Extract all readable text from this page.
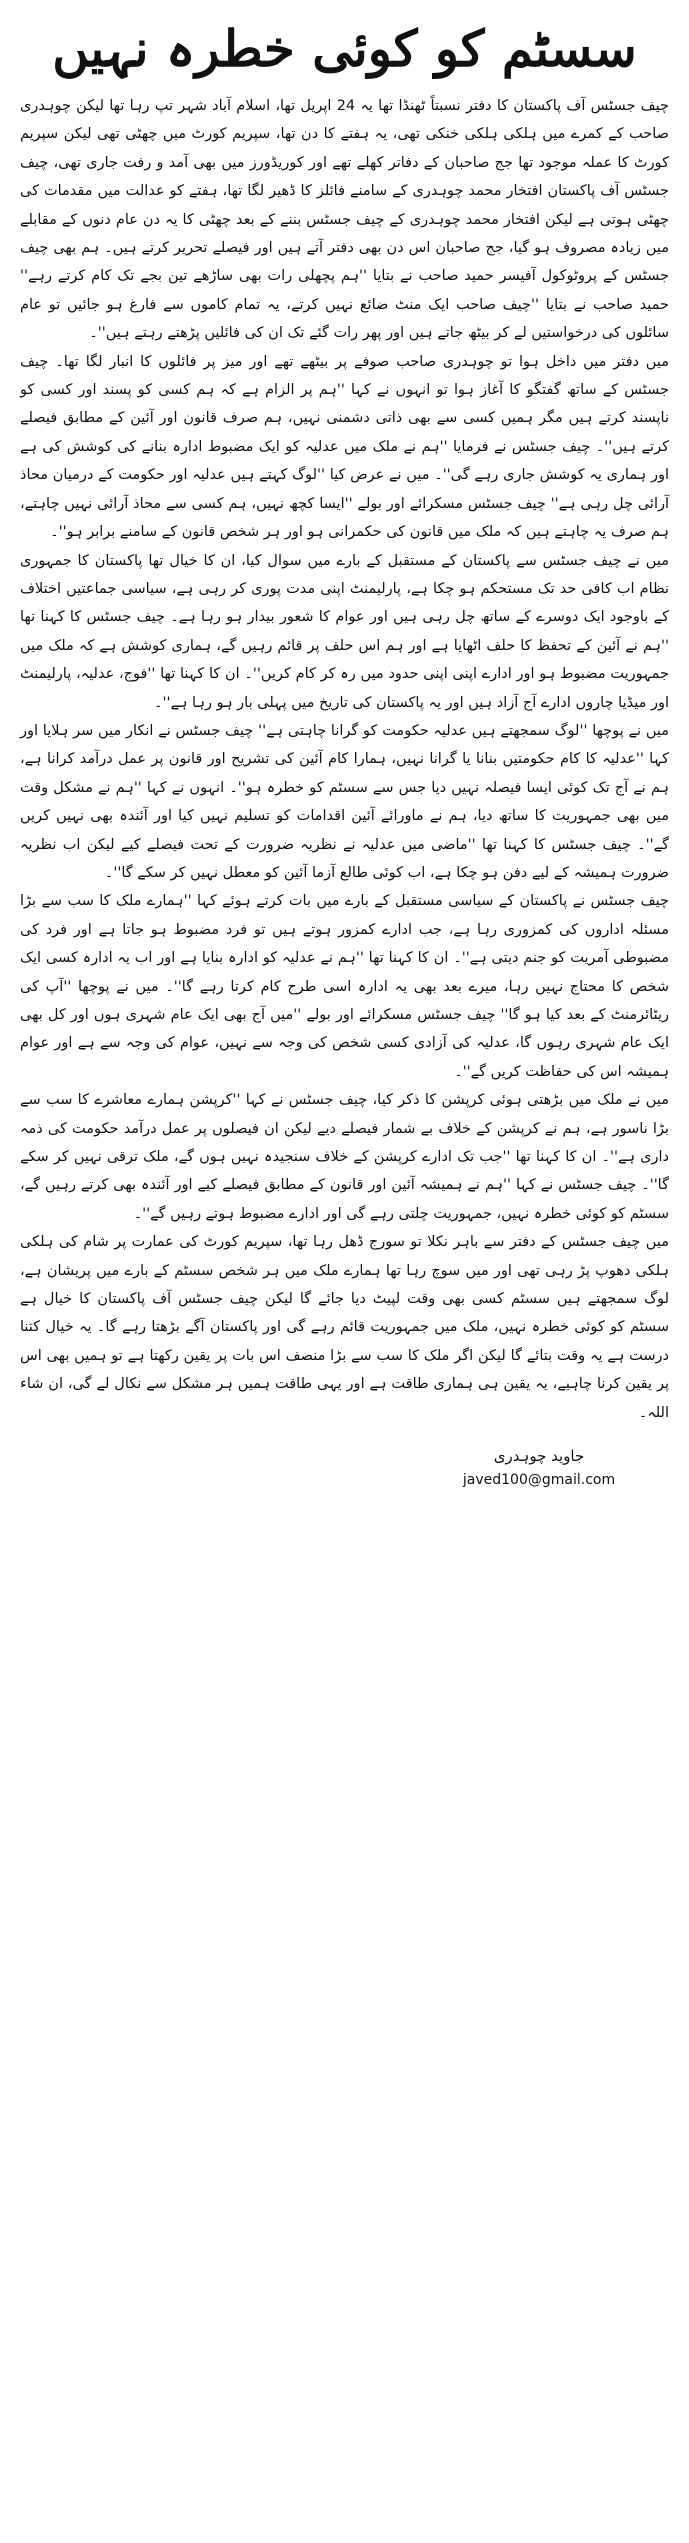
سسٹم کو کوئی خطرہ نہیں

چیف جسٹس آف پاکستان کا دفتر نسبتاً ٹھنڈا تھا یہ 24 اپریل تھا، اسلام آباد شہر تپ رہا تھا لیکن چوہدری صاحب کے کمرے میں ہلکی ہلکی خنکی تھی، یہ ہفتے کا دن تھا، سپریم کورٹ میں چھٹی تھی لیکن سپریم کورٹ کا عملہ موجود تھا جج صاحبان کے دفاتر کھلے تھے اور کوریڈورز میں بھی آمد و رفت جاری تھی، چیف جسٹس آف پاکستان افتخار محمد چوہدری کے سامنے فائلز کا ڈھیر لگا تھا، ہفتے کو عدالت میں مقدمات کی چھٹی ہوتی ہے لیکن افتخار محمد چوہدری کے چیف جسٹس بننے کے بعد چھٹی کا یہ دن عام دنوں کے مقابلے میں زیادہ مصروف ہو گیا، جج صاحبان اس دن بھی دفتر آتے ہیں اور فیصلے تحریر کرتے ہیں۔ ہم بھی چیف جسٹس کے پروٹوکول آفیسر حمید صاحب نے بتایا ''ہم پچھلی رات بھی ساڑھے تین بجے تک کام کرتے رہے'' حمید صاحب نے بتایا ''چیف صاحب ایک منٹ ضائع نہیں کرتے، یہ تمام کاموں سے فارغ ہو جائیں تو عام سائلوں کی درخواستیں لے کر بیٹھ جاتے ہیں اور پھر رات گئے تک ان کی فائلیں پڑھتے رہتے ہیں''۔

میں دفتر میں داخل ہوا تو چوہدری صاحب صوفے پر بیٹھے تھے اور میز پر فائلوں کا انبار لگا تھا۔ چیف جسٹس کے ساتھ گفتگو کا آغاز ہوا تو انہوں نے کہا ''ہم پر الزام ہے کہ ہم کسی کو پسند اور کسی کو ناپسند کرتے ہیں مگر ہمیں کسی سے بھی ذاتی دشمنی نہیں، ہم صرف قانون اور آئین کے مطابق فیصلے کرتے ہیں''۔ چیف جسٹس نے فرمایا ''ہم نے ملک میں عدلیہ کو ایک مضبوط ادارہ بنانے کی کوشش کی ہے اور ہماری یہ کوشش جاری رہے گی''۔ میں نے عرض کیا ''لوگ کہتے ہیں عدلیہ اور حکومت کے درمیان محاذ آرائی چل رہی ہے'' چیف جسٹس مسکرائے اور بولے ''ایسا کچھ نہیں، ہم کسی سے محاذ آرائی نہیں چاہتے، ہم صرف یہ چاہتے ہیں کہ ملک میں قانون کی حکمرانی ہو اور ہر شخص قانون کے سامنے برابر ہو''۔

میں نے چیف جسٹس سے پاکستان کے مستقبل کے بارے میں سوال کیا، ان کا خیال تھا پاکستان کا جمہوری نظام اب کافی حد تک مستحکم ہو چکا ہے، پارلیمنٹ اپنی مدت پوری کر رہی ہے، سیاسی جماعتیں اختلاف کے باوجود ایک دوسرے کے ساتھ چل رہی ہیں اور عوام کا شعور بیدار ہو رہا ہے۔ چیف جسٹس کا کہنا تھا ''ہم نے آئین کے تحفظ کا حلف اٹھایا ہے اور ہم اس حلف پر قائم رہیں گے، ہماری کوشش ہے کہ ملک میں جمہوریت مضبوط ہو اور ادارے اپنی اپنی حدود میں رہ کر کام کریں''۔ ان کا کہنا تھا ''فوج، عدلیہ، پارلیمنٹ اور میڈیا چاروں ادارے آج آزاد ہیں اور یہ پاکستان کی تاریخ میں پہلی بار ہو رہا ہے''۔

میں نے پوچھا ''لوگ سمجھتے ہیں عدلیہ حکومت کو گرانا چاہتی ہے'' چیف جسٹس نے انکار میں سر ہلایا اور کہا ''عدلیہ کا کام حکومتیں بنانا یا گرانا نہیں، ہمارا کام آئین کی تشریح اور قانون پر عمل درآمد کرانا ہے، ہم نے آج تک کوئی ایسا فیصلہ نہیں دیا جس سے سسٹم کو خطرہ ہو''۔ انہوں نے کہا ''ہم نے مشکل وقت میں بھی جمہوریت کا ساتھ دیا، ہم نے ماورائے آئین اقدامات کو تسلیم نہیں کیا اور آئندہ بھی نہیں کریں گے''۔ چیف جسٹس کا کہنا تھا ''ماضی میں عدلیہ نے نظریہ ضرورت کے تحت فیصلے کیے لیکن اب نظریہ ضرورت ہمیشہ کے لیے دفن ہو چکا ہے، اب کوئی طالع آزما آئین کو معطل نہیں کر سکے گا''۔

چیف جسٹس نے پاکستان کے سیاسی مستقبل کے بارے میں بات کرتے ہوئے کہا ''ہمارے ملک کا سب سے بڑا مسئلہ اداروں کی کمزوری رہا ہے، جب ادارے کمزور ہوتے ہیں تو فرد مضبوط ہو جاتا ہے اور فرد کی مضبوطی آمریت کو جنم دیتی ہے''۔ ان کا کہنا تھا ''ہم نے عدلیہ کو ادارہ بنایا ہے اور اب یہ ادارہ کسی ایک شخص کا محتاج نہیں رہا، میرے بعد بھی یہ ادارہ اسی طرح کام کرتا رہے گا''۔ میں نے پوچھا ''آپ کی ریٹائرمنٹ کے بعد کیا ہو گا'' چیف جسٹس مسکرائے اور بولے ''میں آج بھی ایک عام شہری ہوں اور کل بھی ایک عام شہری رہوں گا، عدلیہ کی آزادی کسی شخص کی وجہ سے نہیں، عوام کی وجہ سے ہے اور عوام ہمیشہ اس کی حفاظت کریں گے''۔

میں نے ملک میں بڑھتی ہوئی کرپشن کا ذکر کیا، چیف جسٹس نے کہا ''کرپشن ہمارے معاشرے کا سب سے بڑا ناسور ہے، ہم نے کرپشن کے خلاف بے شمار فیصلے دیے لیکن ان فیصلوں پر عمل درآمد حکومت کی ذمہ داری ہے''۔ ان کا کہنا تھا ''جب تک ادارے کرپشن کے خلاف سنجیدہ نہیں ہوں گے، ملک ترقی نہیں کر سکے گا''۔ چیف جسٹس نے کہا ''ہم نے ہمیشہ آئین اور قانون کے مطابق فیصلے کیے اور آئندہ بھی کرتے رہیں گے، سسٹم کو کوئی خطرہ نہیں، جمہوریت چلتی رہے گی اور ادارے مضبوط ہوتے رہیں گے''۔

میں چیف جسٹس کے دفتر سے باہر نکلا تو سورج ڈھل رہا تھا، سپریم کورٹ کی عمارت پر شام کی ہلکی ہلکی دھوپ پڑ رہی تھی اور میں سوچ رہا تھا ہمارے ملک میں ہر شخص سسٹم کے بارے میں پریشان ہے، لوگ سمجھتے ہیں سسٹم کسی بھی وقت لپیٹ دیا جائے گا لیکن چیف جسٹس آف پاکستان کا خیال ہے سسٹم کو کوئی خطرہ نہیں، ملک میں جمہوریت قائم رہے گی اور پاکستان آگے بڑھتا رہے گا۔ یہ خیال کتنا درست ہے یہ وقت بتائے گا لیکن اگر ملک کا سب سے بڑا منصف اس بات پر یقین رکھتا ہے تو ہمیں بھی اس پر یقین کرنا چاہیے، یہ یقین ہی ہماری طاقت ہے اور یہی طاقت ہمیں ہر مشکل سے نکال لے گی، ان شاء اللہ۔

جاوید چوہدری
javed100@gmail.com
